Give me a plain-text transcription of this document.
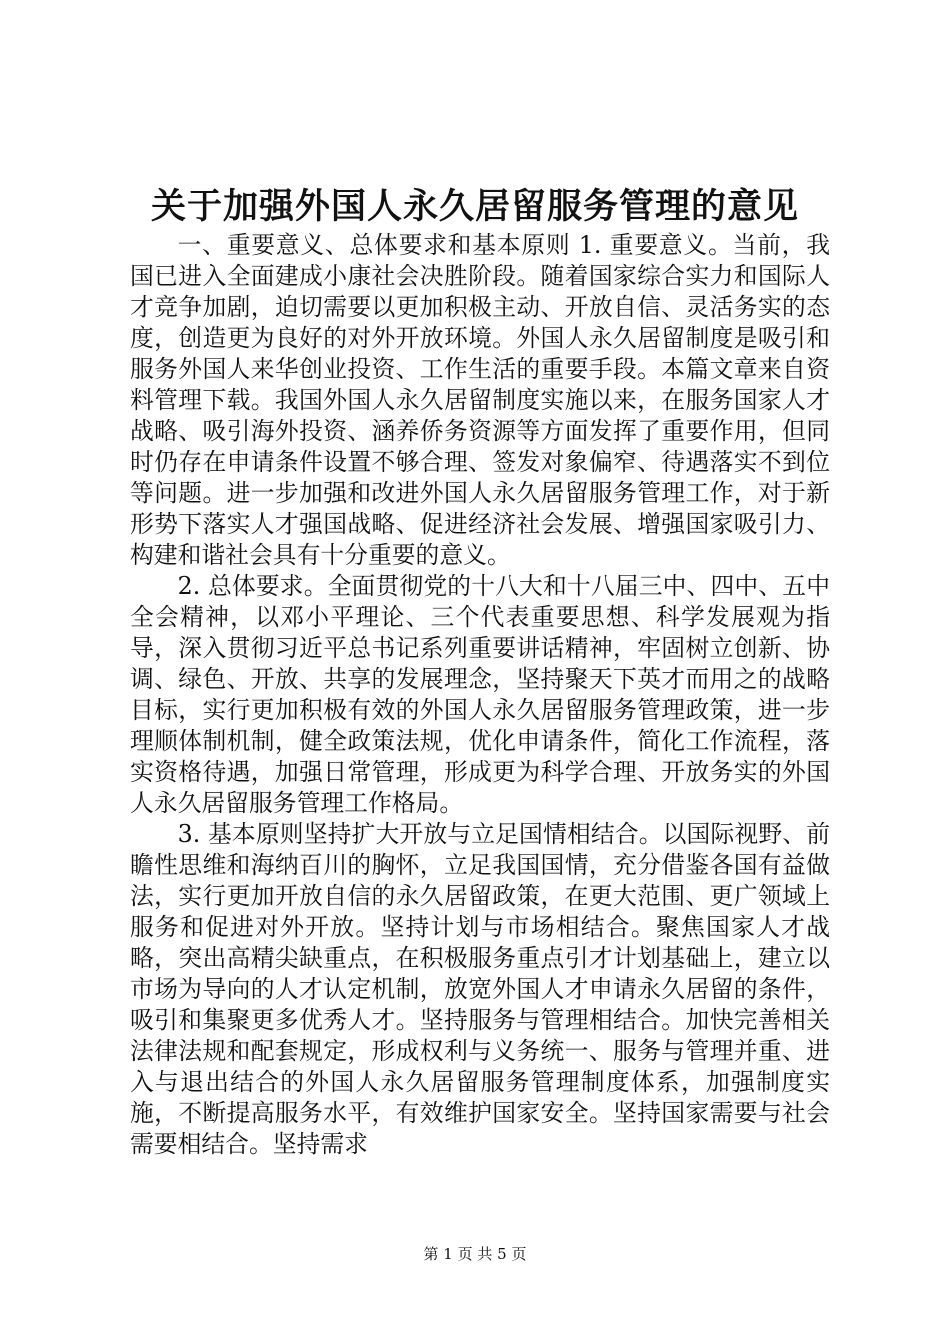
关于加强外国人永久居留服务管理的意见

一、重要意义、总体要求和基本原则 1. 重要意义。当前，我国已进入全面建成小康社会决胜阶段。随着国家综合实力和国际人才竞争加剧，迫切需要以更加积极主动、开放自信、灵活务实的态度，创造更为良好的对外开放环境。外国人永久居留制度是吸引和服务外国人来华创业投资、工作生活的重要手段。本篇文章来自资料管理下载。我国外国人永久居留制度实施以来，在服务国家人才战略、吸引海外投资、涵养侨务资源等方面发挥了重要作用，但同时仍存在申请条件设置不够合理、签发对象偏窄、待遇落实不到位等问题。进一步加强和改进外国人永久居留服务管理工作，对于新形势下落实人才强国战略、促进经济社会发展、增强国家吸引力、构建和谐社会具有十分重要的意义。

2. 总体要求。全面贯彻党的十八大和十八届三中、四中、五中全会精神，以邓小平理论、三个代表重要思想、科学发展观为指导，深入贯彻习近平总书记系列重要讲话精神，牢固树立创新、协调、绿色、开放、共享的发展理念，坚持聚天下英才而用之的战略目标，实行更加积极有效的外国人永久居留服务管理政策，进一步理顺体制机制，健全政策法规，优化申请条件，简化工作流程，落实资格待遇，加强日常管理，形成更为科学合理、开放务实的外国人永久居留服务管理工作格局。

3. 基本原则坚持扩大开放与立足国情相结合。以国际视野、前瞻性思维和海纳百川的胸怀，立足我国国情，充分借鉴各国有益做法，实行更加开放自信的永久居留政策，在更大范围、更广领域上服务和促进对外开放。坚持计划与市场相结合。聚焦国家人才战略，突出高精尖缺重点，在积极服务重点引才计划基础上，建立以市场为导向的人才认定机制，放宽外国人才申请永久居留的条件，吸引和集聚更多优秀人才。坚持服务与管理相结合。加快完善相关法律法规和配套规定，形成权利与义务统一、服务与管理并重、进入与退出结合的外国人永久居留服务管理制度体系，加强制度实施，不断提高服务水平，有效维护国家安全。坚持国家需要与社会需要相结合。坚持需求

第 1 页 共 5 页
